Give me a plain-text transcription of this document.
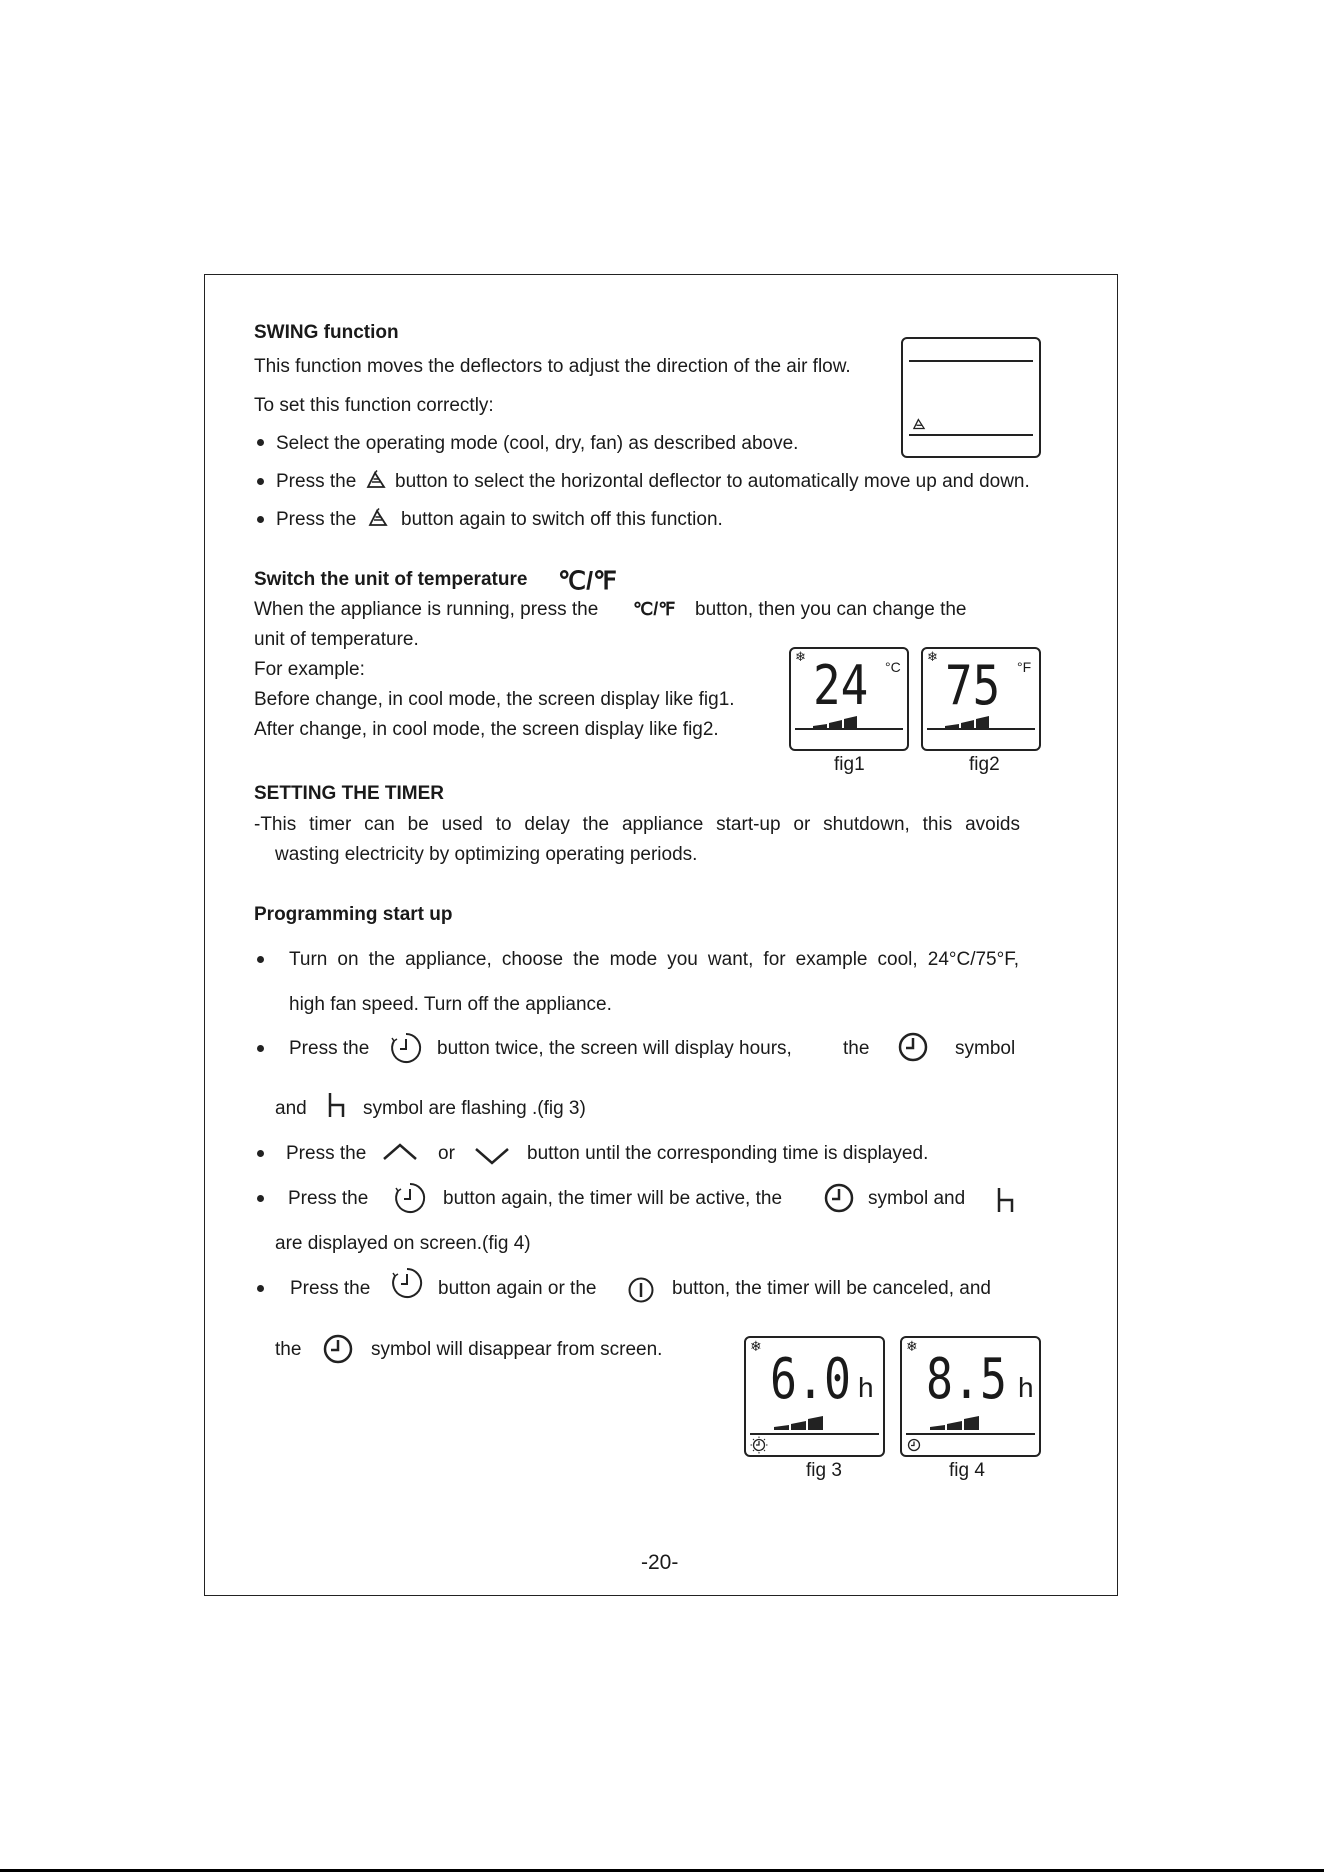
SWING function
This function moves the deflectors to adjust the direction of the air flow.
To set this function correctly:
Select the operating mode (cool, dry, fan) as described above.
Press the button to select the horizontal deflector to automatically move up and down.
Press the button again to switch off this function.
Switch the unit of temperature ℃/℉
When the appliance is running, press the ℃/℉ button, then you can change the
unit of temperature.
For example:
Before change, in cool mode, the screen display like fig1.
After change, in cool mode, the screen display like fig2.
❄ 24 °C
fig1
❄ 75 °F
fig2
SETTING THE TIMER
-This timer can be used to delay the appliance start-up or shutdown, this avoids
wasting electricity by optimizing operating periods.
Programming start up
Turn on the appliance, choose the mode you want, for example cool, 24°C/75°F,
high fan speed. Turn off the appliance.
Press the	button twice, the screen will display hours,	the	symbol
and	symbol are flashing .(fig 3)
Press the	or	button until the corresponding time is displayed.
Press the	button again, the timer will be active, the	symbol and
are displayed on screen.(fig 4)
Press the	button again or the	button, the timer will be canceled, and
the	symbol will disappear from screen.	❄
6.0 h
fig 3
❄
8.5 h
fig 4
-20-
